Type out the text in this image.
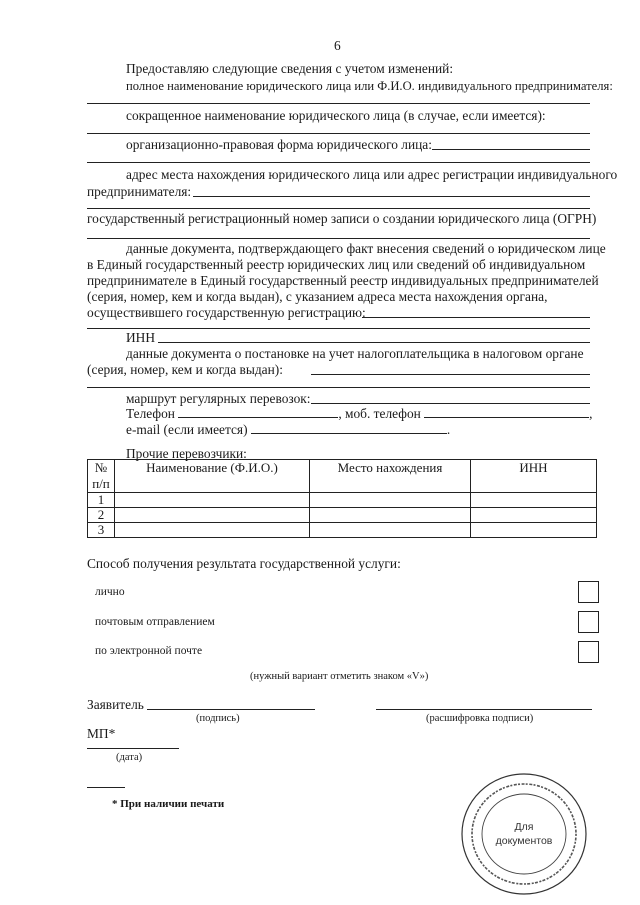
6
Предоставляю следующие сведения с учетом изменений:
полное наименование юридического лица или Ф.И.О. индивидуального предпринимателя:
сокращенное наименование юридического лица (в случае, если имеется):
организационно-правовая форма юридического лица:
адрес места нахождения юридического лица или адрес регистрации индивидуального
предпринимателя:
государственный регистрационный номер записи о создании юридического лица (ОГРН)
данные документа, подтверждающего факт внесения сведений о юридическом лице
в Единый государственный реестр юридических лиц или сведений об индивидуальном
предпринимателе в Единый государственный реестр индивидуальных предпринимателей
(серия, номер, кем и когда выдан), с указанием адреса места нахождения органа,
осуществившего государственную регистрацию:
ИНН
данные документа о постановке на учет налогоплательщика в налоговом органе
(серия, номер, кем и когда выдан):
маршрут регулярных перевозок:
Телефон	, моб. телефон	,
e-mail (если имеется)	.
Прочие перевозчики:
№ п/п	Наименование (Ф.И.О.)	Место нахождения	ИНН
1			
2			
3			
Способ получения результата государственной услуги:
лично
почтовым отправлением
по электронной почте
(нужный вариант отметить знаком «V»)
Заявитель
(подпись)	(расшифровка подписи)
МП*
(дата)
* При наличии печати
Для
документов
